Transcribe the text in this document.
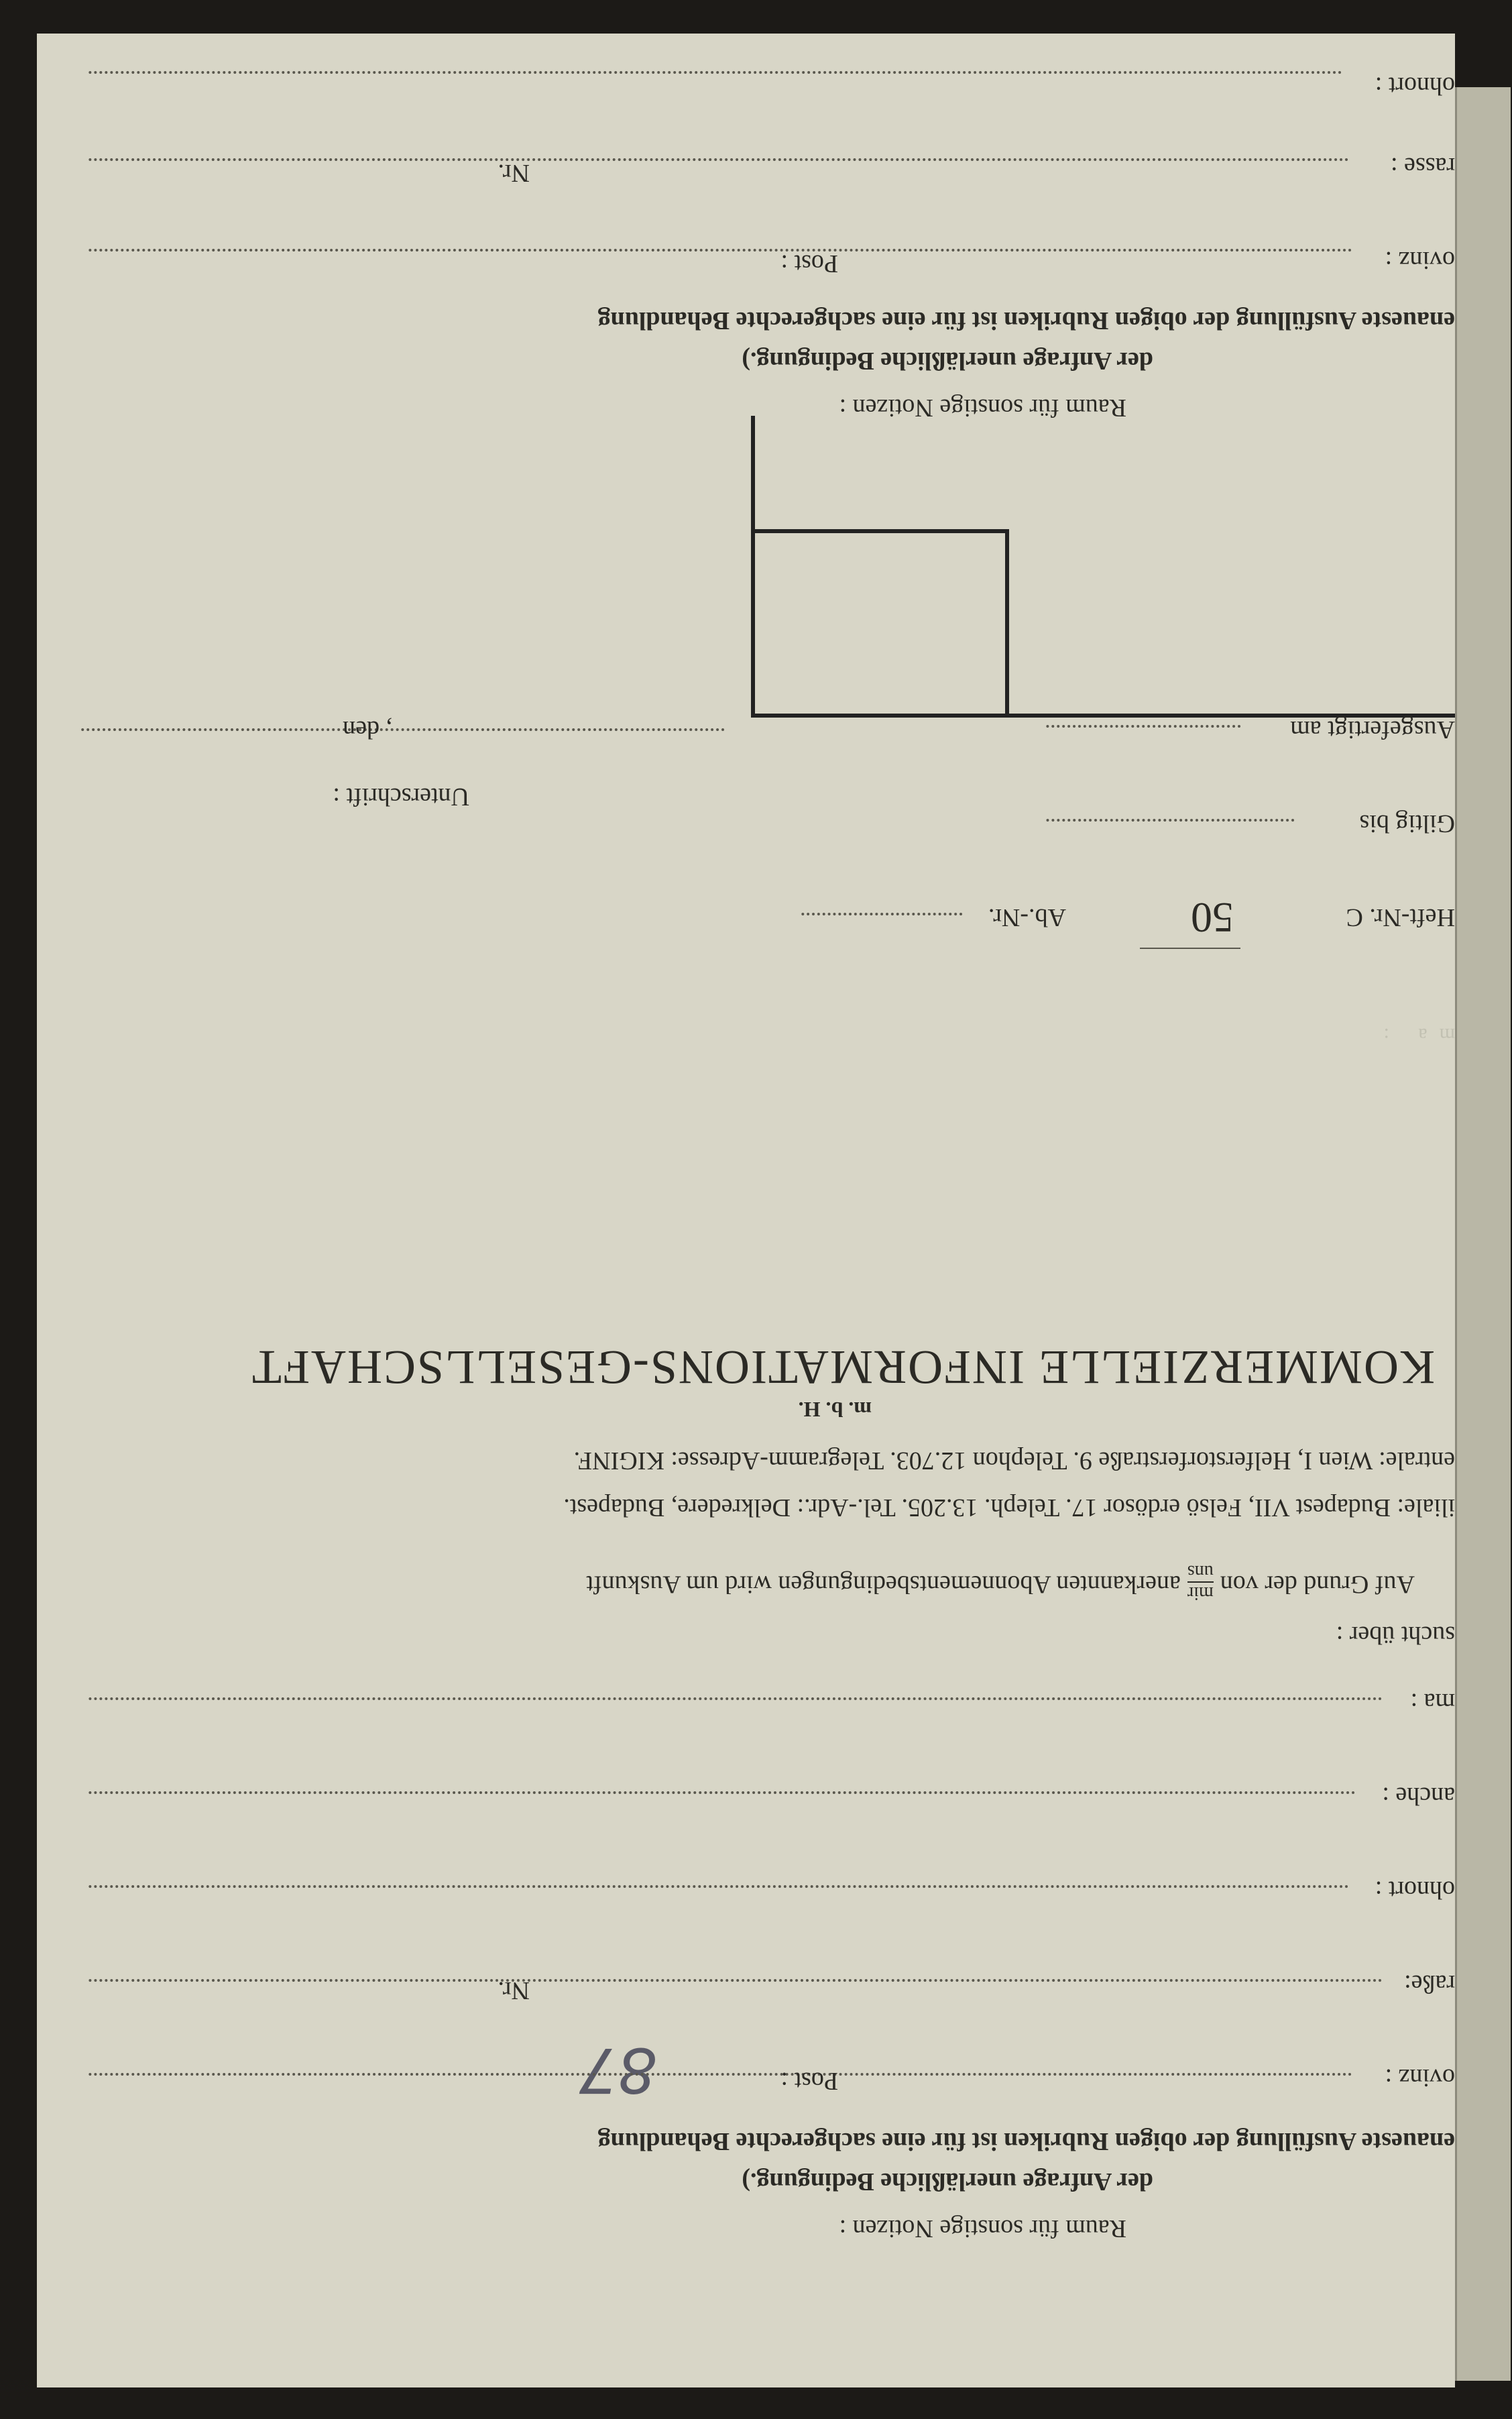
ohnort :
rasse :
Nr.
ovinz :
Post :
enaueste Ausfüllung der obigen Rubriken ist für eine sachgerechte Behandlung
der Anfrage unerläßliche Bedingung.)
Raum für sonstige Notizen :
Ausgefertigt am
, den
Giltig bis
Unterschrift :
Heft-Nr. C
50
Ab.-Nr.
KOMMERZIELLE INFORMATIONS-GESELLSCHAFT
m. b. H.
entrale: Wien I, Helferstorferstraße 9. Telephon 12.703. Telegramm-Adresse: KIGINF.
iliale: Budapest VII, Felsö erdösor 17. Teleph. 13.205. Tel.-Adr.: Delkredere, Budapest.
Auf Grund der von
mir
uns
anerkannten Abonnementsbedingungen wird um Auskunft
sucht über :
ma :
ma :
anche :
ohnort :
raße:
Nr.
87	ovinz :
Post :
enaueste Ausfüllung der obigen Rubriken ist für eine sachgerechte Behandlung
der Anfrage unerläßliche Bedingung.)
Raum für sonstige Notizen :
